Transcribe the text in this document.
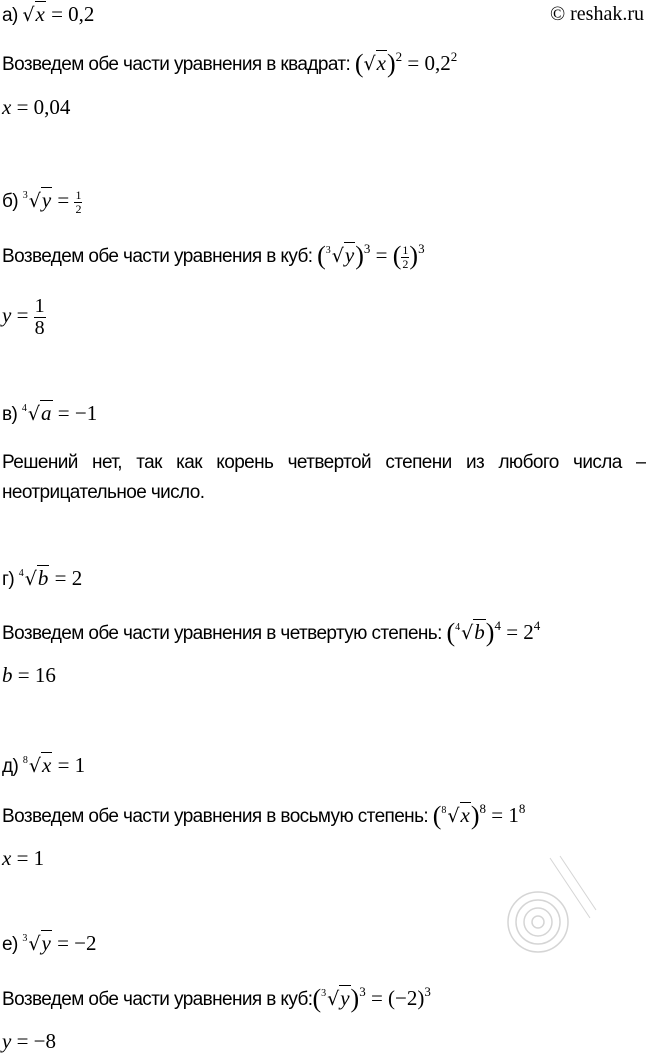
© reshak.ru
а) √x = 0,2
Возведем обе части уравнения в квадрат: $(√x)^2 = 0,2^2$
x = 0,04
б) $3√y = \frac{1}{2}$
Возведем обе части уравнения в куб: $(3√y)^3$ = ( $\frac{1}{2} )^3$
$y = \frac{1}{8}$
в) 4√a = −1
Решений нет, так как корень четвертой степени из любого числа –
неотрицательное число.
г) 4√b = 2
Возведем обе части уравнения в четвертую степень: $(4√b)^4 = 2^4$
b = 16
д) 8√x = 1
Возведем обе части уравнения в восьмую степень: $(8√x)^8 = 1^8$
x = 1
е) 3√y = −2
Возведем обе части уравнения в $куб:(3√y)^3 = (-2)^3$
y = −8
